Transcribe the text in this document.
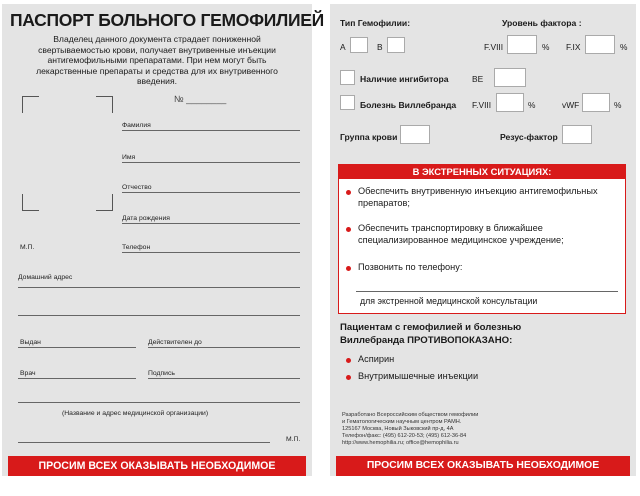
ПАСПОРТ БОЛЬНОГО ГЕМОФИЛИЕЙ
Владелец данного документа страдает пониженной свертываемостью крови, получает внутривенные инъекции антигемофильными препаратами. При нем могут быть лекарственные препараты и средства для их внутривенного введения.
№ ________
Фамилия
Имя
Отчество
Дата рождения
М.П.	Телефон
Домашний адрес
Выдан	Действителен до
Врач	Подпись
(Название и адрес медицинской организации)
М.П.
ПРОСИМ ВСЕХ ОКАЗЫВАТЬ НЕОБХОДИМОЕ СОДЕЙСТВИЕ!
Тип Гемофилии:	Уровень фактора :
A	B	F.VIII	% F.IX	%
Наличие ингибитора	BE
Болезнь Виллебранда F.VIII	%	vWF	%
Группа крови	Резус-фактор
В ЭКСТРЕННЫХ СИТУАЦИЯХ:
Обеспечить внутривенную инъекцию антигемофильных препаратов;
Обеспечить транспортировку в ближайшее специализированное медицинское учреждение;
Позвонить по телефону:
для экстренной медицинской консультации
Пациентам с гемофилией и болезнью
Виллебранда ПРОТИВОПОКАЗАНО:
Аспирин
Внутримышечные инъекции
Разработано Всероссийским обществом гемофилии
и Гематологическим научным центром РАМН.
125167 Москва, Новый Зыковский пр-д, 4А
Телефон/факс: (495) 612-20-53; (495) 612-36-84
http://www.hemophilia.ru; office@hemophilia.ru
ПРОСИМ ВСЕХ ОКАЗЫВАТЬ НЕОБХОДИМОЕ СОДЕЙСТВИЕ!
